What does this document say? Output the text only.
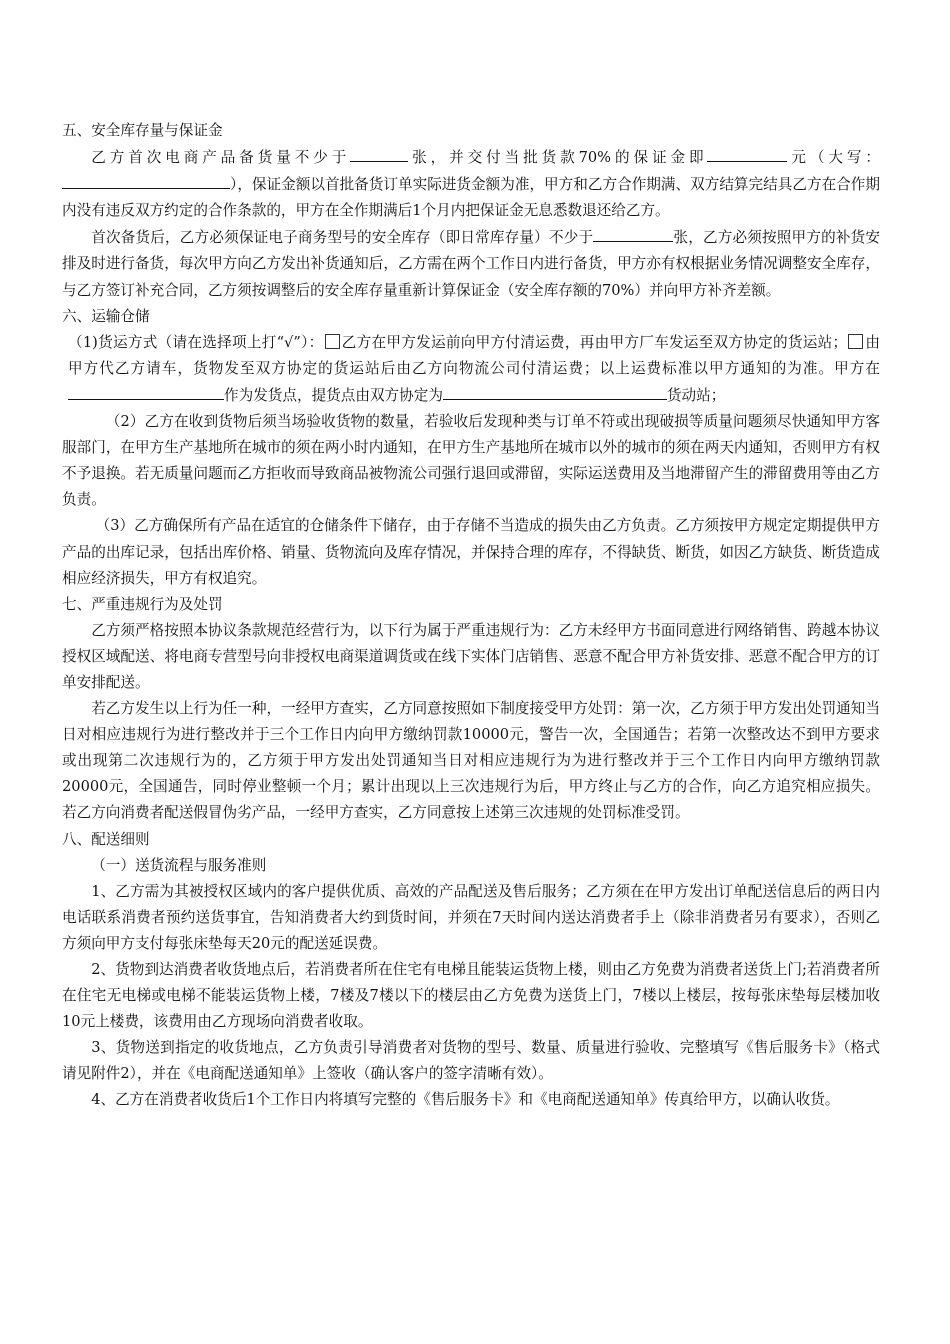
五、安全库存量与保证金

乙方首次电商产品备货量不少于	张，并交付当批货款70%的保证金即	元（大写：），保证金额以首批备货订单实际进货金额为准，甲方和乙方合作期满、双方结算完结具乙方在合作期内没有违反双方约定的合作条款的，甲方在全作期满后1个月内把保证金无息悉数退还给乙方。

首次备货后，乙方必须保证电子商务型号的安全库存（即日常库存量）不少于	张，乙方必须按照甲方的补货安排及时进行备货，每次甲方向乙方发出补货通知后，乙方需在两个工作日内进行备货，甲方亦有权根据业务情况调整安全库存，与乙方签订补充合同，乙方须按调整后的安全库存量重新计算保证金（安全库存额的70%）并向甲方补齐差额。

六、运输仓储

（1)货运方式（请在选择项上打“√”）： 乙方在甲方发运前向甲方付清运费，再由甲方厂车发运至双方协定的货运站； 由甲方代乙方请车，货物发至双方协定的货运站后由乙方向物流公司付清运费；以上运费标准以甲方通知的为准。甲方在作为发货点，提货点由双方协定为	货动站；

（2）乙方在收到货物后须当场验收货物的数量，若验收后发现种类与订单不符或出现破损等质量问题须尽快通知甲方客服部门，在甲方生产基地所在城市的须在两小时内通知，在甲方生产基地所在城市以外的城市的须在两天内通知，否则甲方有权不予退换。若无质量问题而乙方拒收而导致商品被物流公司强行退回或滞留，实际运送费用及当地滞留产生的滞留费用等由乙方负责。

（3）乙方确保所有产品在适宜的仓储条件下储存，由于存储不当造成的损失由乙方负责。乙方须按甲方规定定期提供甲方产品的出库记录，包括出库价格、销量、货物流向及库存情况，并保持合理的库存，不得缺货、断货，如因乙方缺货、断货造成相应经济损失，甲方有权追究。

七、严重违规行为及处罚

乙方须严格按照本协议条款规范经营行为，以下行为属于严重违规行为：乙方未经甲方书面同意进行网络销售、跨越本协议授权区域配送、将电商专营型号向非授权电商渠道调货或在线下实体门店销售、恶意不配合甲方补货安排、恶意不配合甲方的订单安排配送。

若乙方发生以上行为任一种，一经甲方查实，乙方同意按照如下制度接受甲方处罚：第一次，乙方须于甲方发出处罚通知当日对相应违规行为进行整改并于三个工作日内向甲方缴纳罚款10000元，警告一次，全国通告；若第一次整改达不到甲方要求或出现第二次违规行为的，乙方须于甲方发出处罚通知当日对相应违规行为为进行整改并于三个工作日内向甲方缴纳罚款20000元，全国通告，同时停业整顿一个月；累计出现以上三次违规行为后，甲方终止与乙方的合作，向乙方追究相应损失。若乙方向消费者配送假冒伪劣产品，一经甲方查实，乙方同意按上述第三次违规的处罚标准受罚。

八、配送细则

（一）送货流程与服务准则

1、乙方需为其被授权区域内的客户提供优质、高效的产品配送及售后服务；乙方须在在甲方发出订单配送信息后的两日内电话联系消费者预约送货事宜，告知消费者大约到货时间，并须在7天时间内送达消费者手上（除非消费者另有要求），否则乙方须向甲方支付每张床垫每天20元的配送延误费。

2、货物到达消费者收货地点后，若消费者所在住宅有电梯且能装运货物上楼，则由乙方免费为消费者送货上门;若消费者所在住宅无电梯或电梯不能装运货物上楼，7楼及7楼以下的楼层由乙方免费为送货上门，7楼以上楼层，按每张床垫每层楼加收10元上楼费，该费用由乙方现场向消费者收取。

3、货物送到指定的收货地点，乙方负责引导消费者对货物的型号、数量、质量进行验收、完整填写《售后服务卡》（格式请见附件2），并在《电商配送通知单》上签收（确认客户的签字清晰有效）。

4、乙方在消费者收货后1个工作日内将填写完整的《售后服务卡》和《电商配送通知单》传真给甲方，以确认收货。
